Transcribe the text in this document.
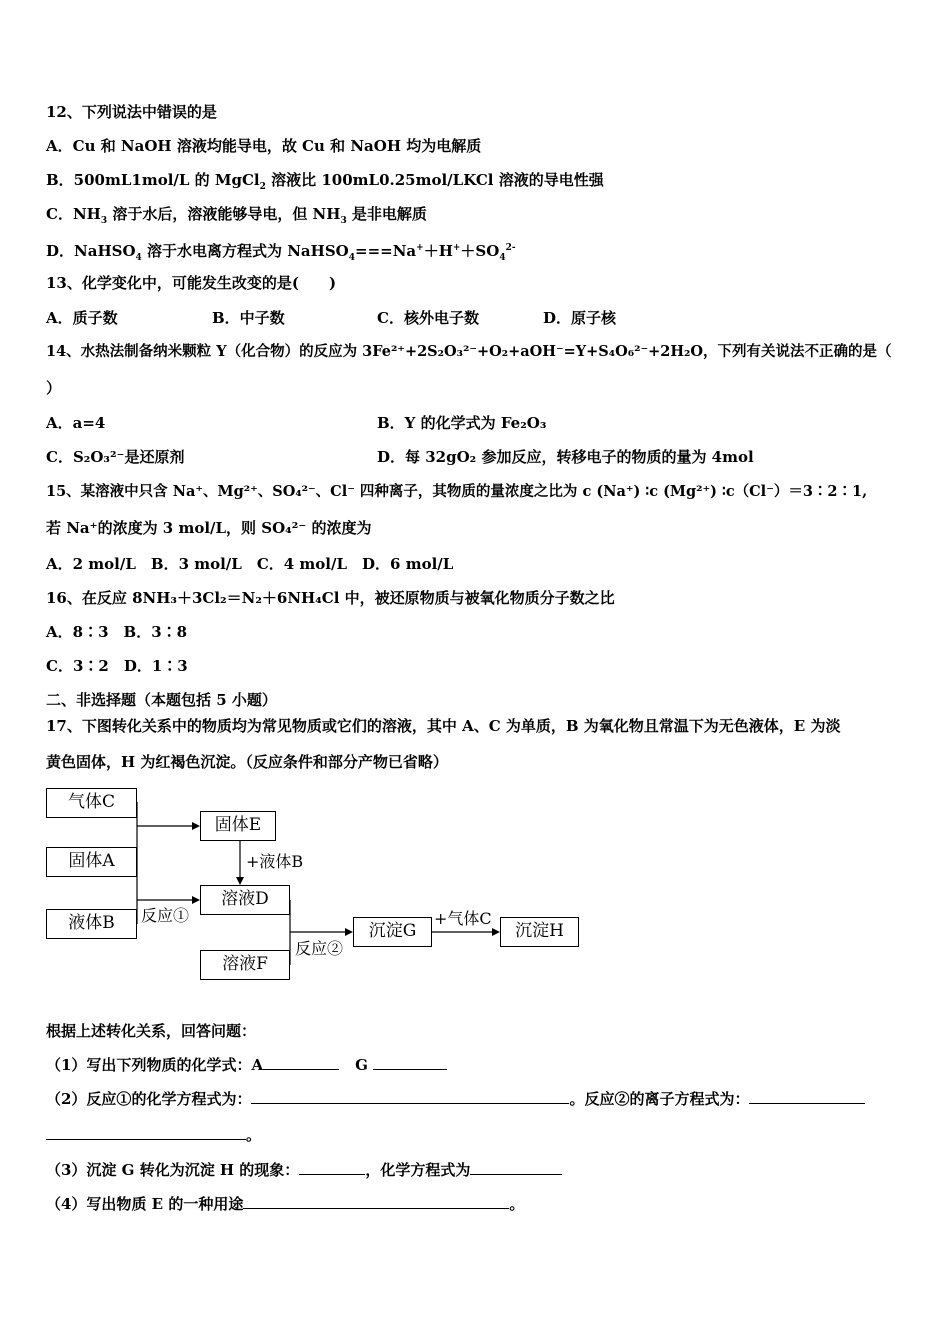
12、下列说法中错误的是
A．Cu 和 NaOH 溶液均能导电，故 Cu 和 NaOH 均为电解质
B．500mL1mol/L 的 MgCl$_2$ 溶液比 100mL0.25mol/LKCl 溶液的导电性强
C．$NH_3$ 溶于水后，溶液能够导电，但 $NH_3$ 是非电解质
D．NaHSO$_4$ 溶于水电离方程式为 $NaHSO_4===Na^++H^++SO_4^{2-}$
13、化学变化中，可能发生改变的是(　　)
A．质子数	B．中子数	C．核外电子数	D．原子核
14、水热法制备纳米颗粒 Y（化合物）的反应为 3Fe²⁺+2S₂O₃²⁻+O₂+aOH⁻=Y+S₄O₆²⁻+2H₂O，下列有关说法不正确的是（
）
A．a=4	B．Y 的化学式为 Fe₂O₃
C．S₂O₃²⁻是还原剂	D．每 32gO₂ 参加反应，转移电子的物质的量为 4mol
15、某溶液中只含 Na⁺、Mg²⁺、SO₄²⁻、Cl⁻ 四种离子，其物质的量浓度之比为 c (Na⁺) ∶c (Mg²⁺) ∶c（Cl⁻）＝3∶2∶1,
若 Na⁺的浓度为 3 mol/L，则 SO₄²⁻ 的浓度为
A．2 mol/L　B．3 mol/L　C．4 mol/L　D．6 mol/L
16、在反应 8NH₃＋3Cl₂＝N₂＋6NH₄Cl 中，被还原物质与被氧化物质分子数之比
A．8∶3　B．3∶8
C．3∶2　D．1∶3
二、非选择题（本题包括 5 小题）
17、下图转化关系中的物质均为常见物质或它们的溶液，其中 A、C 为单质，B 为氧化物且常温下为无色液体，E 为淡
黄色固体，H 为红褐色沉淀。（反应条件和部分产物已省略）
气体C
固体A
液体B
固体E
溶液D
溶液F
沉淀G	沉淀H
+液体B
反应①
反应②
+气体C
根据上述转化关系，回答问题：
（1）写出下列物质的化学式：A	G
（2）反应①的化学方程式为：	。反应②的离子方程式为：
。
（3）沉淀 G 转化为沉淀 H 的现象：	，化学方程式为
（4）写出物质 E 的一种用途	。
